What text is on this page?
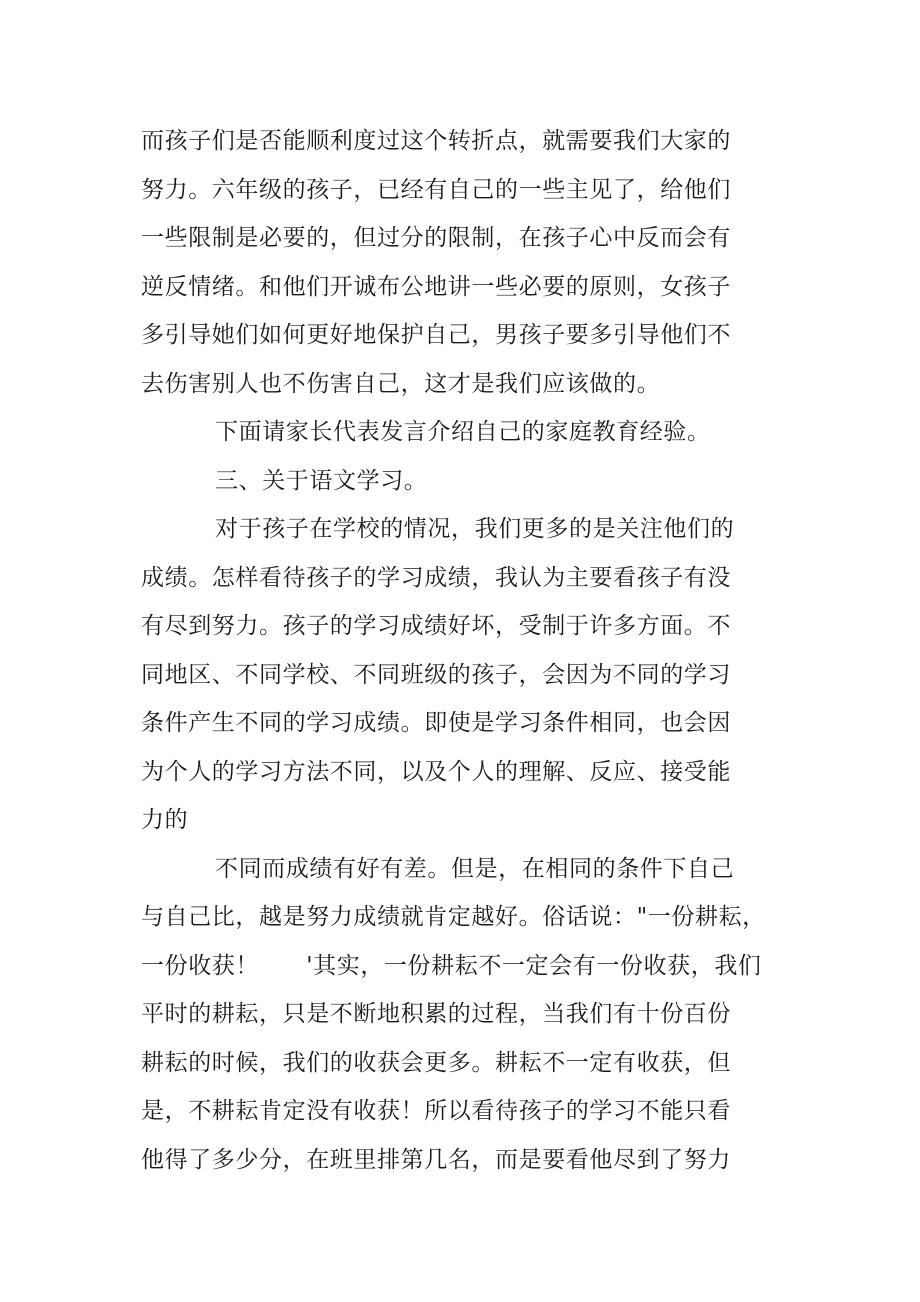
而孩子们是否能顺利度过这个转折点，就需要我们大家的
努力。六年级的孩子，已经有自己的一些主见了，给他们
一些限制是必要的，但过分的限制，在孩子心中反而会有
逆反情绪。和他们开诚布公地讲一些必要的原则，女孩子
多引导她们如何更好地保护自己，男孩子要多引导他们不
去伤害别人也不伤害自己，这才是我们应该做的。
下面请家长代表发言介绍自己的家庭教育经验。
三、关于语文学习。
对于孩子在学校的情况，我们更多的是关注他们的
成绩。怎样看待孩子的学习成绩，我认为主要看孩子有没
有尽到努力。孩子的学习成绩好坏，受制于许多方面。不
同地区、不同学校、不同班级的孩子，会因为不同的学习
条件产生不同的学习成绩。即使是学习条件相同，也会因
为个人的学习方法不同，以及个人的理解、反应、接受能
力的
不同而成绩有好有差。但是，在相同的条件下自己
与自己比，越是努力成绩就肯定越好。俗话说："一份耕耘，
一份收获！　　'其实，一份耕耘不一定会有一份收获，我们
平时的耕耘，只是不断地积累的过程，当我们有十份百份
耕耘的时候，我们的收获会更多。耕耘不一定有收获，但
是，不耕耘肯定没有收获！所以看待孩子的学习不能只看
他得了多少分，在班里排第几名，而是要看他尽到了努力
